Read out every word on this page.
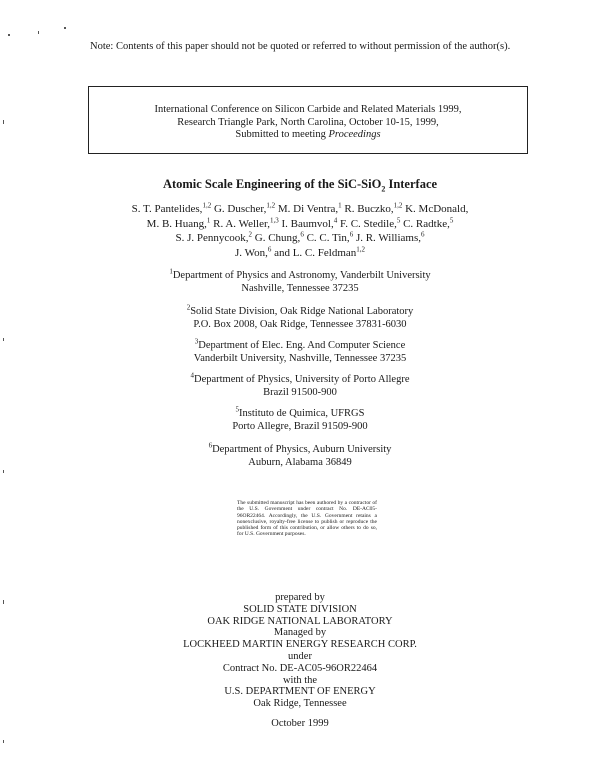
Note: Contents of this paper should not be quoted or referred to without permission of the author(s).
International Conference on Silicon Carbide and Related Materials 1999,
Research Triangle Park, North Carolina, October 10-15, 1999,
Submitted to meeting Proceedings
Atomic Scale Engineering of the SiC-SiO$_2$ Interface
S. T. Pantelides,$^{1,2}$ G. Duscher,$^{1,2}$ M. Di Ventra,$^1$ R. Buczko,$^{1,2}$ K. McDonald,
M. B. Huang,$^1$ R. A. Weller,$^{1,3}$ I. Baumvol,$^4$ F. C. Stedile,$^5$ C. Radtke,$^5$
S. J. Pennycook,$^2$ G. Chung,$^6$ C. C. Tin,$^6$ J. R. Williams,$^6$
J. Won,$^6$ and L. C. Feldman$^{1,2}$
$^1$Department of Physics and Astronomy, Vanderbilt University
Nashville, Tennessee 37235
$^2$Solid State Division, Oak Ridge National Laboratory
P.O. Box 2008, Oak Ridge, Tennessee 37831-6030
$^3$Department of Elec. Eng. And Computer Science
Vanderbilt University, Nashville, Tennessee 37235
$^4$Department of Physics, University of Porto Allegre
Brazil 91500-900
$^5$Instituto de Quimica, UFRGS
Porto Allegre, Brazil 91509-900
$^6$Department of Physics, Auburn University
Auburn, Alabama 36849
The submitted manuscript has been authored by a contractor of the U.S. Government under contract No. DE-AC05-96OR22464. Accordingly, the U.S. Government retains a nonexclusive, royalty-free license to publish or reproduce the published form of this contribution, or allow others to do so, for U.S. Government purposes.
prepared by
SOLID STATE DIVISION
OAK RIDGE NATIONAL LABORATORY
Managed by
LOCKHEED MARTIN ENERGY RESEARCH CORP.
under
Contract No. DE-AC05-96OR22464
with the
U.S. DEPARTMENT OF ENERGY
Oak Ridge, Tennessee
October 1999
